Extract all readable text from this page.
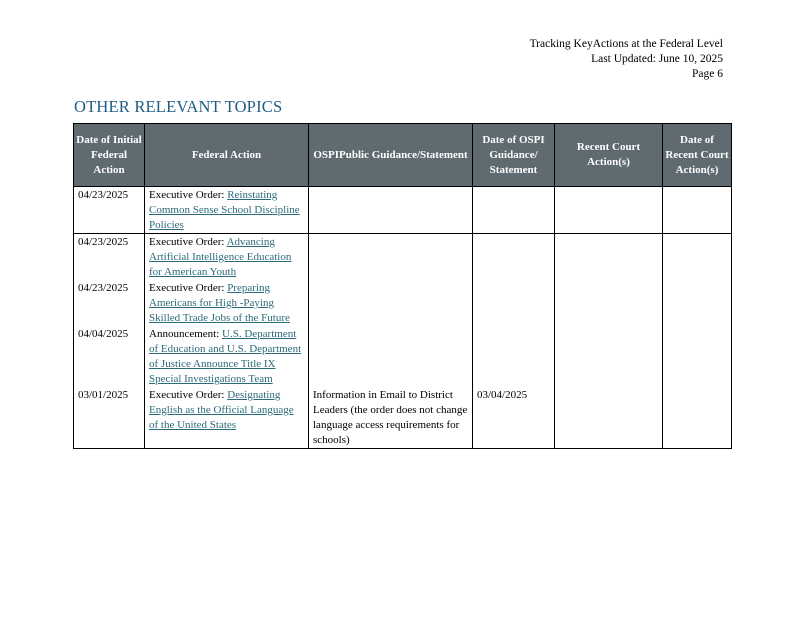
Tracking KeyActions at the Federal Level
Last Updated: June 10, 2025
Page 6
OTHER RELEVANT TOPICS
Date of Initial Federal Action	Federal Action	OSPIPublic Guidance/Statement	Date of OSPI Guidance/ Statement	Recent Court Action(s)	Date of Recent Court Action(s)
04/23/2025	Executive Order: Reinstating Common Sense School Discipline Policies				
04/23/2025	Executive Order: Advancing Artificial Intelligence Education for American Youth				
04/23/2025	Executive Order: Preparing Americans for High -Paying Skilled Trade Jobs of the Future				
04/04/2025	Announcement: U.S. Department of Education and U.S. Department of Justice Announce Title IX Special Investigations Team				
03/01/2025	Executive Order: Designating English as the Official Language of the United States	Information in Email to District Leaders (the order does not change language access requirements for schools)	03/04/2025		
